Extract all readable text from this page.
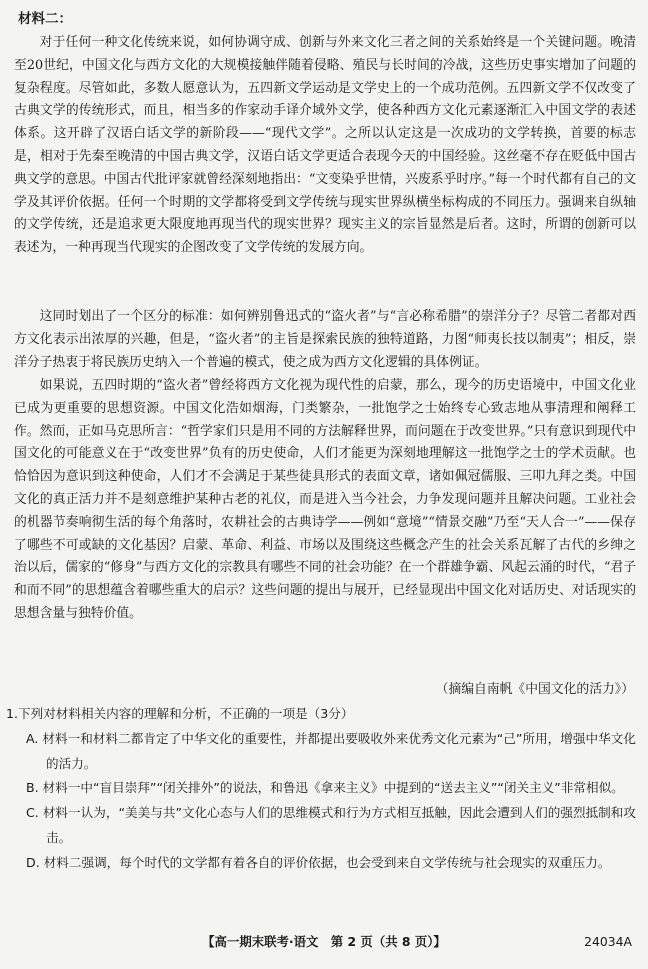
材料二：

对于任何一种文化传统来说，如何协调守成、创新与外来文化三者之间的关系始终是一个关键问题。晚清至20世纪，中国文化与西方文化的大规模接触伴随着侵略、殖民与长时间的冷战，这些历史事实增加了问题的复杂程度。尽管如此，多数人愿意认为，五四新文学运动是文学史上的一个成功范例。五四新文学不仅改变了古典文学的传统形式，而且，相当多的作家动手译介域外文学，使各种西方文化元素逐渐汇入中国文学的表述体系。这开辟了汉语白话文学的新阶段——“现代文学”。之所以认定这是一次成功的文学转换，首要的标志是，相对于先秦至晚清的中国古典文学，汉语白话文学更适合表现今天的中国经验。这丝毫不存在贬低中国古典文学的意思。中国古代批评家就曾经深刻地指出：“文变染乎世情，兴废系乎时序。”每一个时代都有自己的文学及其评价依据。任何一个时期的文学都将受到文学传统与现实世界纵横坐标构成的不同压力。强调来自纵轴的文学传统，还是追求更大限度地再现当代的现实世界？现实主义的宗旨显然是后者。这时，所谓的创新可以表述为，一种再现当代现实的企图改变了文学传统的发展方向。

这同时划出了一个区分的标准：如何辨别鲁迅式的“盗火者”与“言必称希腊”的崇洋分子？尽管二者都对西方文化表示出浓厚的兴趣，但是，“盗火者”的主旨是探索民族的独特道路，力图“师夷长技以制夷”；相反，崇洋分子热衷于将民族历史纳入一个普遍的模式，使之成为西方文化逻辑的具体例证。

如果说，五四时期的“盗火者”曾经将西方文化视为现代性的启蒙，那么，现今的历史语境中，中国文化业已成为更重要的思想资源。中国文化浩如烟海，门类繁杂，一批饱学之士始终专心致志地从事清理和阐释工作。然而，正如马克思所言：“哲学家们只是用不同的方法解释世界，而问题在于改变世界。”只有意识到现代中国文化的可能意义在于“改变世界”负有的历史使命，人们才能更为深刻地理解这一批饱学之士的学术贡献。也恰恰因为意识到这种使命，人们才不会满足于某些徒具形式的表面文章，诸如佩冠儒服、三叩九拜之类。中国文化的真正活力并不是刻意维护某种古老的礼仪，而是进入当今社会，力争发现问题并且解决问题。工业社会的机器节奏响彻生活的每个角落时，农耕社会的古典诗学——例如“意境”“情景交融”乃至“天人合一”——保存了哪些不可或缺的文化基因？启蒙、革命、利益、市场以及围绕这些概念产生的社会关系瓦解了古代的乡绅之治以后，儒家的“修身”与西方文化的宗教具有哪些不同的社会功能？在一个群雄争霸、风起云涌的时代，“君子和而不同”的思想蕴含着哪些重大的启示？这些问题的提出与展开，已经显现出中国文化对话历史、对话现实的思想含量与独特价值。

（摘编自南帆《中国文化的活力》）

1.下列对材料相关内容的理解和分析，不正确的一项是（3分）

A. 材料一和材料二都肯定了中华文化的重要性，并都提出要吸收外来优秀文化元素为“己”所用，增强中华文化的活力。

B. 材料一中“盲目崇拜”“闭关排外”的说法，和鲁迅《拿来主义》中提到的“送去主义”“闭关主义”非常相似。

C. 材料一认为，“美美与共”文化心态与人们的思维模式和行为方式相互抵触，因此会遭到人们的强烈抵制和攻击。

D. 材料二强调，每个时代的文学都有着各自的评价依据，也会受到来自文学传统与社会现实的双重压力。

【高一期末联考·语文　第 2 页（共 8 页）】	24034A
